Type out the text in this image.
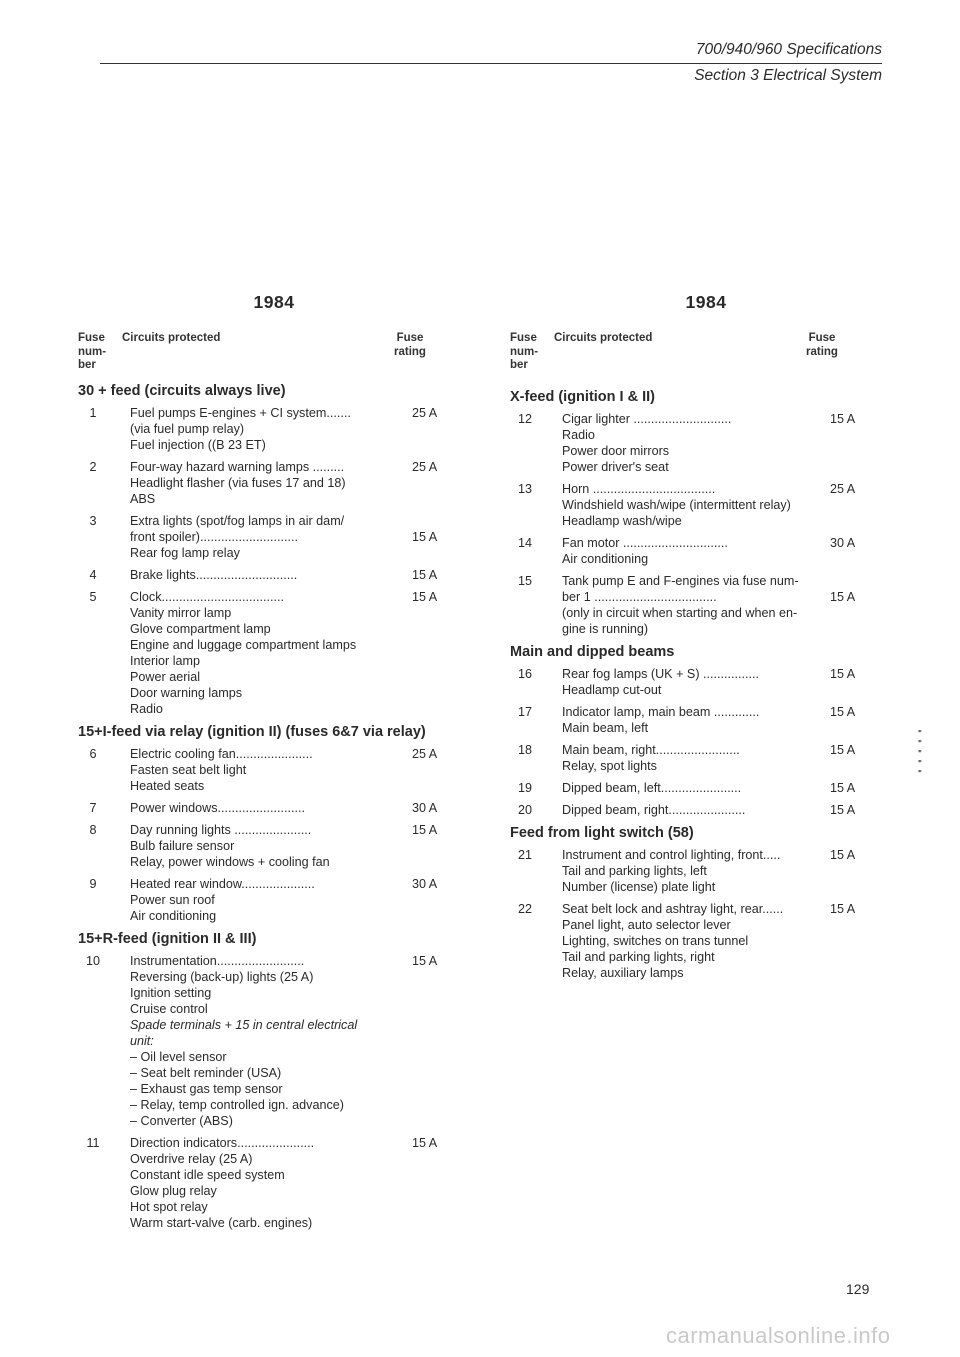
700/940/960 Specifications
Section 3 Electrical System
1984
Fuse num- ber
Circuits protected	Fuse rating
30 + feed (circuits always live)
1	Fuel pumps E-engines + CI system.......	25 A
(via fuel pump relay)
Fuel injection ((B 23 ET)
2	Four-way hazard warning lamps .........	25 A
Headlight flasher (via fuses 17 and 18)
ABS
3	Extra lights (spot/fog lamps in air dam/
front spoiler)............................	15 A
Rear fog lamp relay
4	Brake lights.............................	15 A
5	Clock...................................	15 A
Vanity mirror lamp
Glove compartment lamp
Engine and luggage compartment lamps
Interior lamp
Power aerial
Door warning lamps
Radio
15+I-feed via relay (ignition II) (fuses 6&7 via relay)
6	Electric cooling fan......................	25 A
Fasten seat belt light
Heated seats
7	Power windows.........................	30 A
8	Day running lights ......................	15 A
Bulb failure sensor
Relay, power windows + cooling fan
9	Heated rear window.....................	30 A
Power sun roof
Air conditioning
15+R-feed (ignition II & III)
10	Instrumentation.........................	15 A
Reversing (back-up) lights (25 A)
Ignition setting
Cruise control
Spade terminals + 15 in central electrical
unit:
– Oil level sensor
– Seat belt reminder (USA)
– Exhaust gas temp sensor
– Relay, temp controlled ign. advance)
– Converter (ABS)
11	Direction indicators......................	15 A
Overdrive relay (25 A)
Constant idle speed system
Glow plug relay
Hot spot relay
Warm start-valve (carb. engines)
1984
Fuse num- ber
Circuits protected	Fuse rating
X-feed (ignition I & II)
12	Cigar lighter ............................	15 A
Radio
Power door mirrors
Power driver's seat
13	Horn ...................................	25 A
Windshield wash/wipe (intermittent relay)
Headlamp wash/wipe
14	Fan motor ..............................	30 A
Air conditioning
15	Tank pump E and F-engines via fuse num-
ber 1 ...................................	15 A
(only in circuit when starting and when en-
gine is running)
Main and dipped beams
16	Rear fog lamps (UK + S) ................	15 A
Headlamp cut-out
17	Indicator lamp, main beam .............	15 A
Main beam, left
18	Main beam, right........................	15 A
Relay, spot lights
19	Dipped beam, left.......................	15 A
20	Dipped beam, right......................	15 A
Feed from light switch (58)
21	Instrument and control lighting, front.....	15 A
Tail and parking lights, left
Number (license) plate light
22	Seat belt lock and ashtray light, rear......	15 A
Panel light, auto selector lever
Lighting, switches on trans tunnel
Tail and parking lights, right
Relay, auxiliary lamps
'''
'''
'''
'''
'''
129
carmanualsonline.info
